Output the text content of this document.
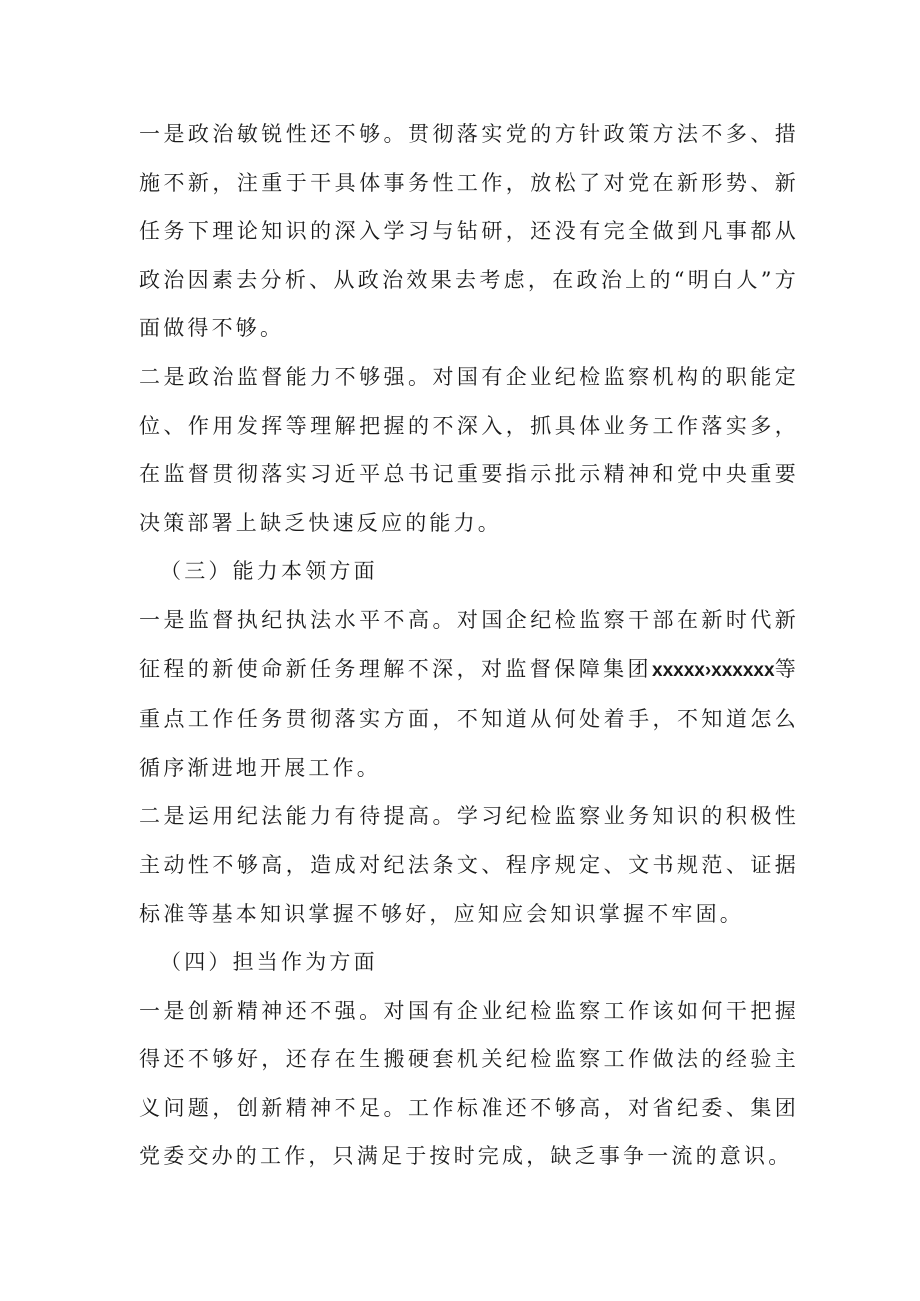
一是政治敏锐性还不够。贯彻落实党的方针政策方法不多、措施不新，注重于干具体事务性工作，放松了对党在新形势、新任务下理论知识的深入学习与钻研，还没有完全做到凡事都从政治因素去分析、从政治效果去考虑，在政治上的“明白人”方面做得不够。

二是政治监督能力不够强。对国有企业纪检监察机构的职能定位、作用发挥等理解把握的不深入，抓具体业务工作落实多，在监督贯彻落实习近平总书记重要指示批示精神和党中央重要决策部署上缺乏快速反应的能力。

（三）能力本领方面

一是监督执纪执法水平不高。对国企纪检监察干部在新时代新征程的新使命新任务理解不深，对监督保障集团xxxxx›xxxxxx等重点工作任务贯彻落实方面，不知道从何处着手，不知道怎么循序渐进地开展工作。

二是运用纪法能力有待提高。学习纪检监察业务知识的积极性主动性不够高，造成对纪法条文、程序规定、文书规范、证据标准等基本知识掌握不够好，应知应会知识掌握不牢固。

（四）担当作为方面

一是创新精神还不强。对国有企业纪检监察工作该如何干把握得还不够好，还存在生搬硬套机关纪检监察工作做法的经验主义问题，创新精神不足。工作标准还不够高，对省纪委、集团党委交办的工作，只满足于按时完成，缺乏事争一流的意识。
